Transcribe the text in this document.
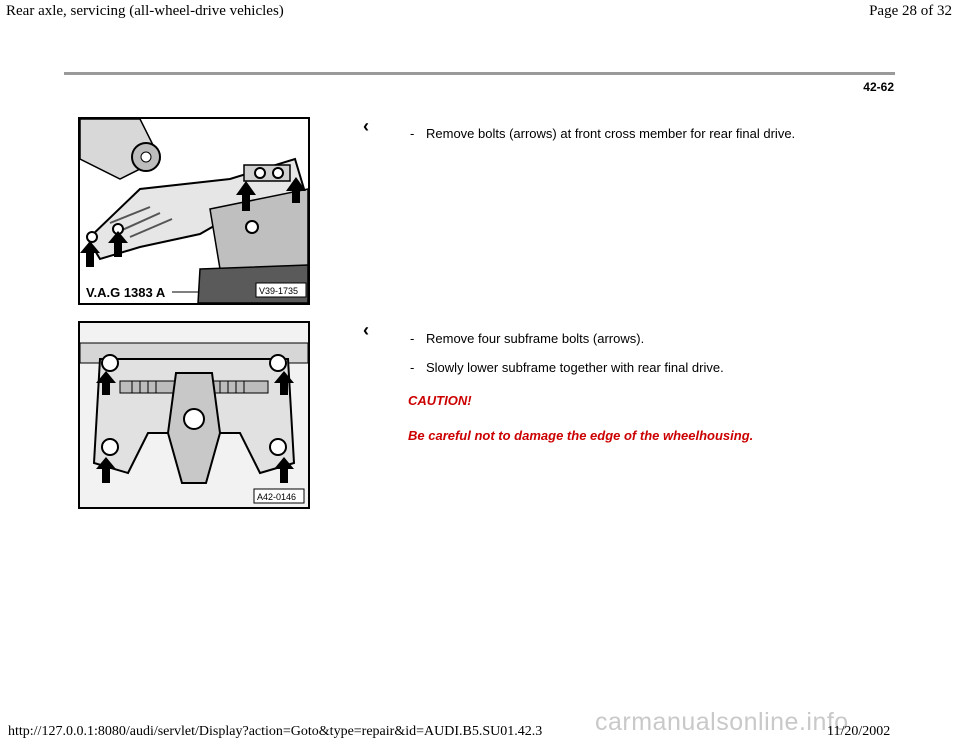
Rear axle, servicing (all-wheel-drive vehicles)	Page 28 of 32
42-62
V.A.G 1383 A	V39-1735
‹	- Remove bolts (arrows) at front cross member for rear final drive.
A42-0146
‹	- Remove four subframe bolts (arrows).
- Slowly lower subframe together with rear final drive.
CAUTION!
Be careful not to damage the edge of the wheelhousing.
carmanualsonline.info
http://127.0.0.1:8080/audi/servlet/Display?action=Goto&type=repair&id=AUDI.B5.SU01.42.3	11/20/2002
